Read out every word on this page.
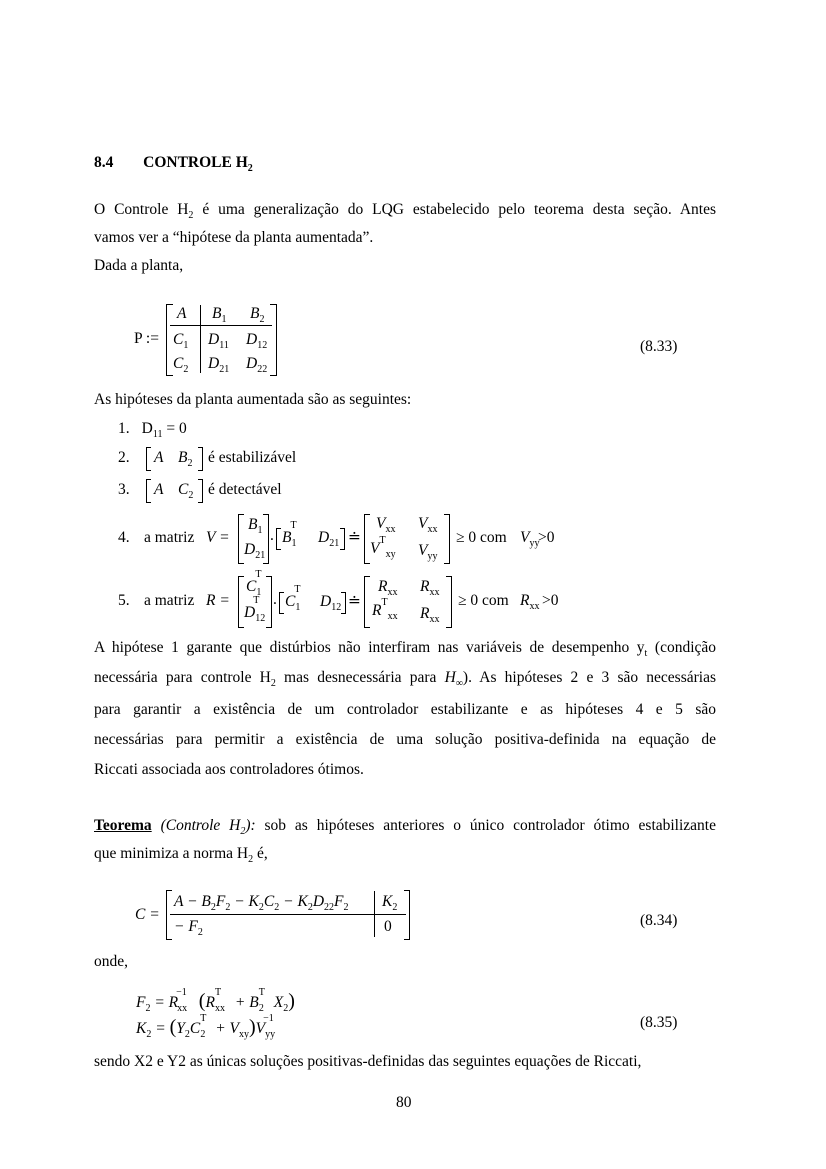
8.4 CONTROLE $H_2$
O Controle $H_2$ é uma generalização do LQG estabelecido pelo teorema desta seção. Antes
vamos ver a “hipótese da planta aumentada”.
Dada a planta,
P :=
A $B_1$ $B_2$
$C_1$ $D_{11}$ $D_{12}$
$C_2$ $D_{21}$ $D_{22}$
(8.33)
As hipóteses da planta aumentada são as seguintes:
1. $D_{11} = 0$
2. A $B_2$ é estabilizável
3. A $C_2$ é detectável
4. a matriz V =
$B_1$
$D_{21}$
. $B_1^T$
$D_{21}$ ≐
$V_{xx}$ $V_{xx}$
$V^T_{xy}$ $V_{yy}$
≥ 0 com $V_{yy}$
>0
5. a matriz R =
$C_1^T$
$D_{12}^T$ . $C_1^T$
$D_{12}$ ≐
$R_{xx}$ $R_{xx}$
$R^T_{xx}$ $R_{xx}$
≥ 0 com $R_{xx} >0$
A hipótese 1 garante que distúrbios não interfiram nas variáveis de desempenho $y_t$ (condição
necessária para controle $H_2$ mas desnecessária para $H_\infty$). As hipóteses 2 e 3 são necessárias
para garantir a existência de um controlador estabilizante e as hipóteses 4 e 5 são
necessárias para permitir a existência de uma solução positiva-definida na equação de
Riccati associada aos controladores ótimos.
Teorema (Controle $H_2$): sob as hipóteses anteriores o único controlador ótimo estabilizante
que minimiza a norma $H_2$ é,
C =
$A - B_2F_2 - K_2C_2 - K_2D_{22}F_2$
− $F_2$
$K_2$
0	(8.34)
onde,
$F_2 = R_{xx}^{-1}$ ($R^T_{xx} + B^T_2$ $X_2$)
$K_2 = (Y_2C^T_2 + V_{xy})V_{yy}^{-1}$	(8.35)
sendo X2 e Y2 as únicas soluções positivas-definidas das seguintes equações de Riccati,
80
